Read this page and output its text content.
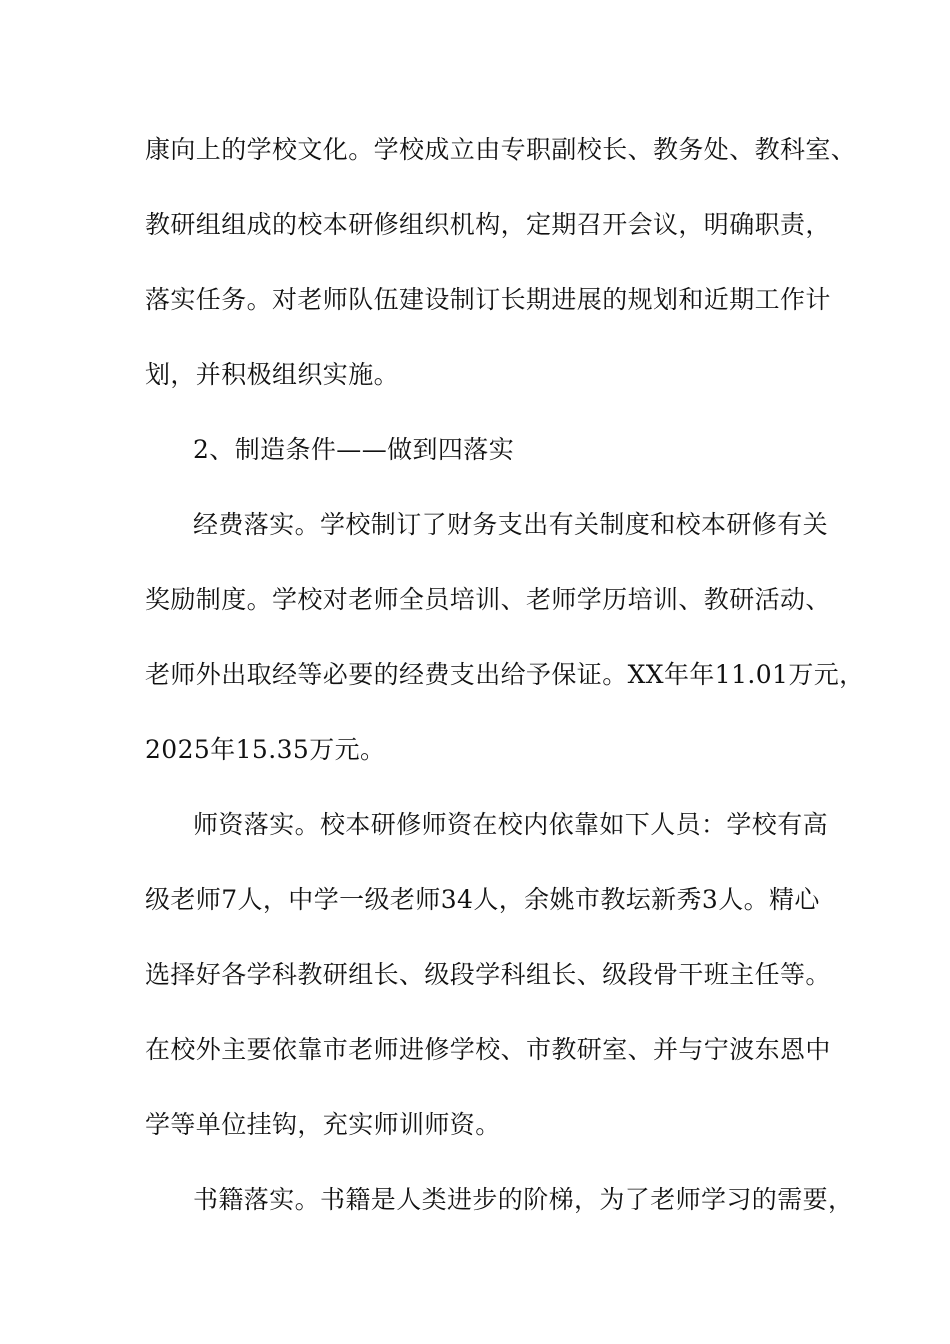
康向上的学校文化。学校成立由专职副校长、教务处、教科室、
教研组组成的校本研修组织机构，定期召开会议，明确职责，
落实任务。对老师队伍建设制订长期进展的规划和近期工作计
划，并积极组织实施。
2、制造条件——做到四落实
经费落实。学校制订了财务支出有关制度和校本研修有关
奖励制度。学校对老师全员培训、老师学历培训、教研活动、
老师外出取经等必要的经费支出给予保证。XX年年11.01万元，
2025年15.35万元。
师资落实。校本研修师资在校内依靠如下人员：学校有高
级老师7人，中学一级老师34人，余姚市教坛新秀3人。精心
选择好各学科教研组长、级段学科组长、级段骨干班主任等。
在校外主要依靠市老师进修学校、市教研室、并与宁波东恩中
学等单位挂钩，充实师训师资。
书籍落实。书籍是人类进步的阶梯，为了老师学习的需要，
